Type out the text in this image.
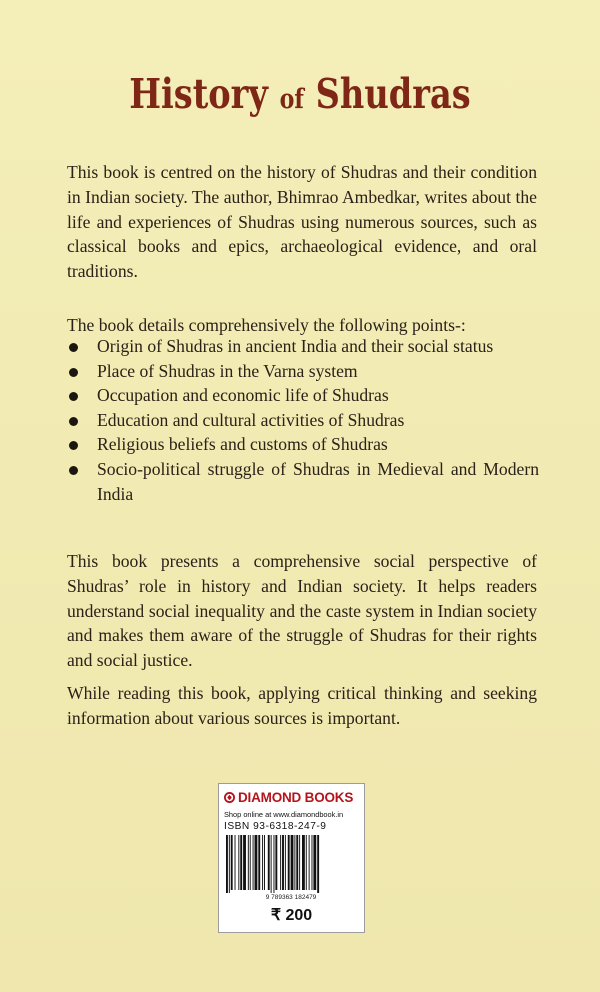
History of Shudras

This book is centred on the history of Shudras and their condition in Indian society. The author, Bhimrao Ambedkar, writes about the life and experiences of Shudras using numerous sources, such as classical books and epics, archaeological evidence, and oral traditions.

The book details comprehensively the following points-:
Origin of Shudras in ancient India and their social status
Place of Shudras in the Varna system
Occupation and economic life of Shudras
Education and cultural activities of Shudras
Religious beliefs and customs of Shudras
Socio-political struggle of Shudras in Medieval and Modern India
This book presents a comprehensive social perspective of Shudras’ role in history and Indian society. It helps readers understand social inequality and the caste system in Indian society and makes them aware of the struggle of Shudras for their rights and social justice.
While reading this book, applying critical thinking and seeking information about various sources is important.
DIAMOND BOOKS
Shop online at www.diamondbook.in
ISBN 93-6318-247-9
9 789363 182479
₹ 200
